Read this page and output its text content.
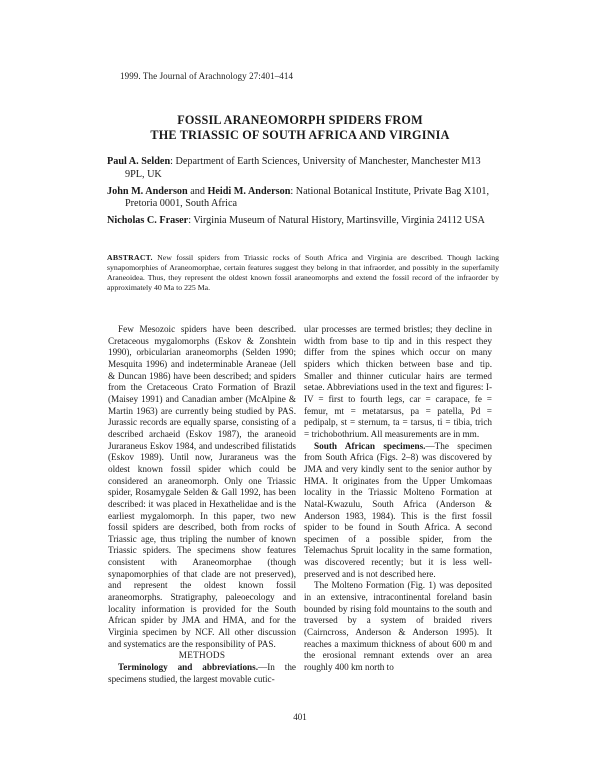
1999. The Journal of Arachnology 27:401–414
FOSSIL ARANEOMORPH SPIDERS FROM
THE TRIASSIC OF SOUTH AFRICA AND VIRGINIA
Paul A. Selden: Department of Earth Sciences, University of Manchester, Manchester M13 9PL, UK
John M. Anderson and Heidi M. Anderson: National Botanical Institute, Private Bag X101, Pretoria 0001, South Africa
Nicholas C. Fraser: Virginia Museum of Natural History, Martinsville, Virginia 24112 USA
ABSTRACT. New fossil spiders from Triassic rocks of South Africa and Virginia are described. Though lacking synapomorphies of Araneomorphae, certain features suggest they belong in that infraorder, and possibly in the superfamily Araneoidea. Thus, they represent the oldest known fossil araneomorphs and extend the fossil record of the infraorder by approximately 40 Ma to 225 Ma.

Few Mesozoic spiders have been described. Cretaceous mygalomorphs (Eskov & Zonshtein 1990), orbicularian araneomorphs (Selden 1990; Mesquita 1996) and indeterminable Araneae (Jell & Duncan 1986) have been described; and spiders from the Cretaceous Crato Formation of Brazil (Maisey 1991) and Canadian amber (McAlpine & Martin 1963) are currently being studied by PAS. Jurassic records are equally sparse, consisting of a described archaeid (Eskov 1987), the araneoid Juraraneus Eskov 1984, and undescribed filistatids (Eskov 1989). Until now, Juraraneus was the oldest known fossil spider which could be considered an araneomorph. Only one Triassic spider, Rosamygale Selden & Gall 1992, has been described: it was placed in Hexathelidae and is the earliest mygalomorph. In this paper, two new fossil spiders are described, both from rocks of Triassic age, thus tripling the number of known Triassic spiders. The specimens show features consistent with Araneomorphae (though synapomorphies of that clade are not preserved), and represent the oldest known fossil araneomorphs. Stratigraphy, paleoecology and locality information is provided for the South African spider by JMA and HMA, and for the Virginia specimen by NCF. All other discussion and systematics are the responsibility of PAS.

METHODS

Terminology and abbreviations.—In the specimens studied, the largest movable cutic-

ular processes are termed bristles; they decline in width from base to tip and in this respect they differ from the spines which occur on many spiders which thicken between base and tip. Smaller and thinner cuticular hairs are termed setae. Abbreviations used in the text and figures: I-IV = first to fourth legs, car = carapace, fe = femur, mt = metatarsus, pa = patella, Pd = pedipalp, st = sternum, ta = tarsus, ti = tibia, trich = trichobothrium. All measurements are in mm.

South African specimens.—The specimen from South Africa (Figs. 2–8) was discovered by JMA and very kindly sent to the senior author by HMA. It originates from the Upper Umkomaas locality in the Triassic Molteno Formation at Natal-Kwazulu, South Africa (Anderson & Anderson 1983, 1984). This is the first fossil spider to be found in South Africa. A second specimen of a possible spider, from the Telemachus Spruit locality in the same formation, was discovered recently; but it is less well-preserved and is not described here.

The Molteno Formation (Fig. 1) was deposited in an extensive, intracontinental foreland basin bounded by rising fold mountains to the south and traversed by a system of braided rivers (Cairncross, Anderson & Anderson 1995). It reaches a maximum thickness of about 600 m and the erosional remnant extends over an area roughly 400 km north to

401
